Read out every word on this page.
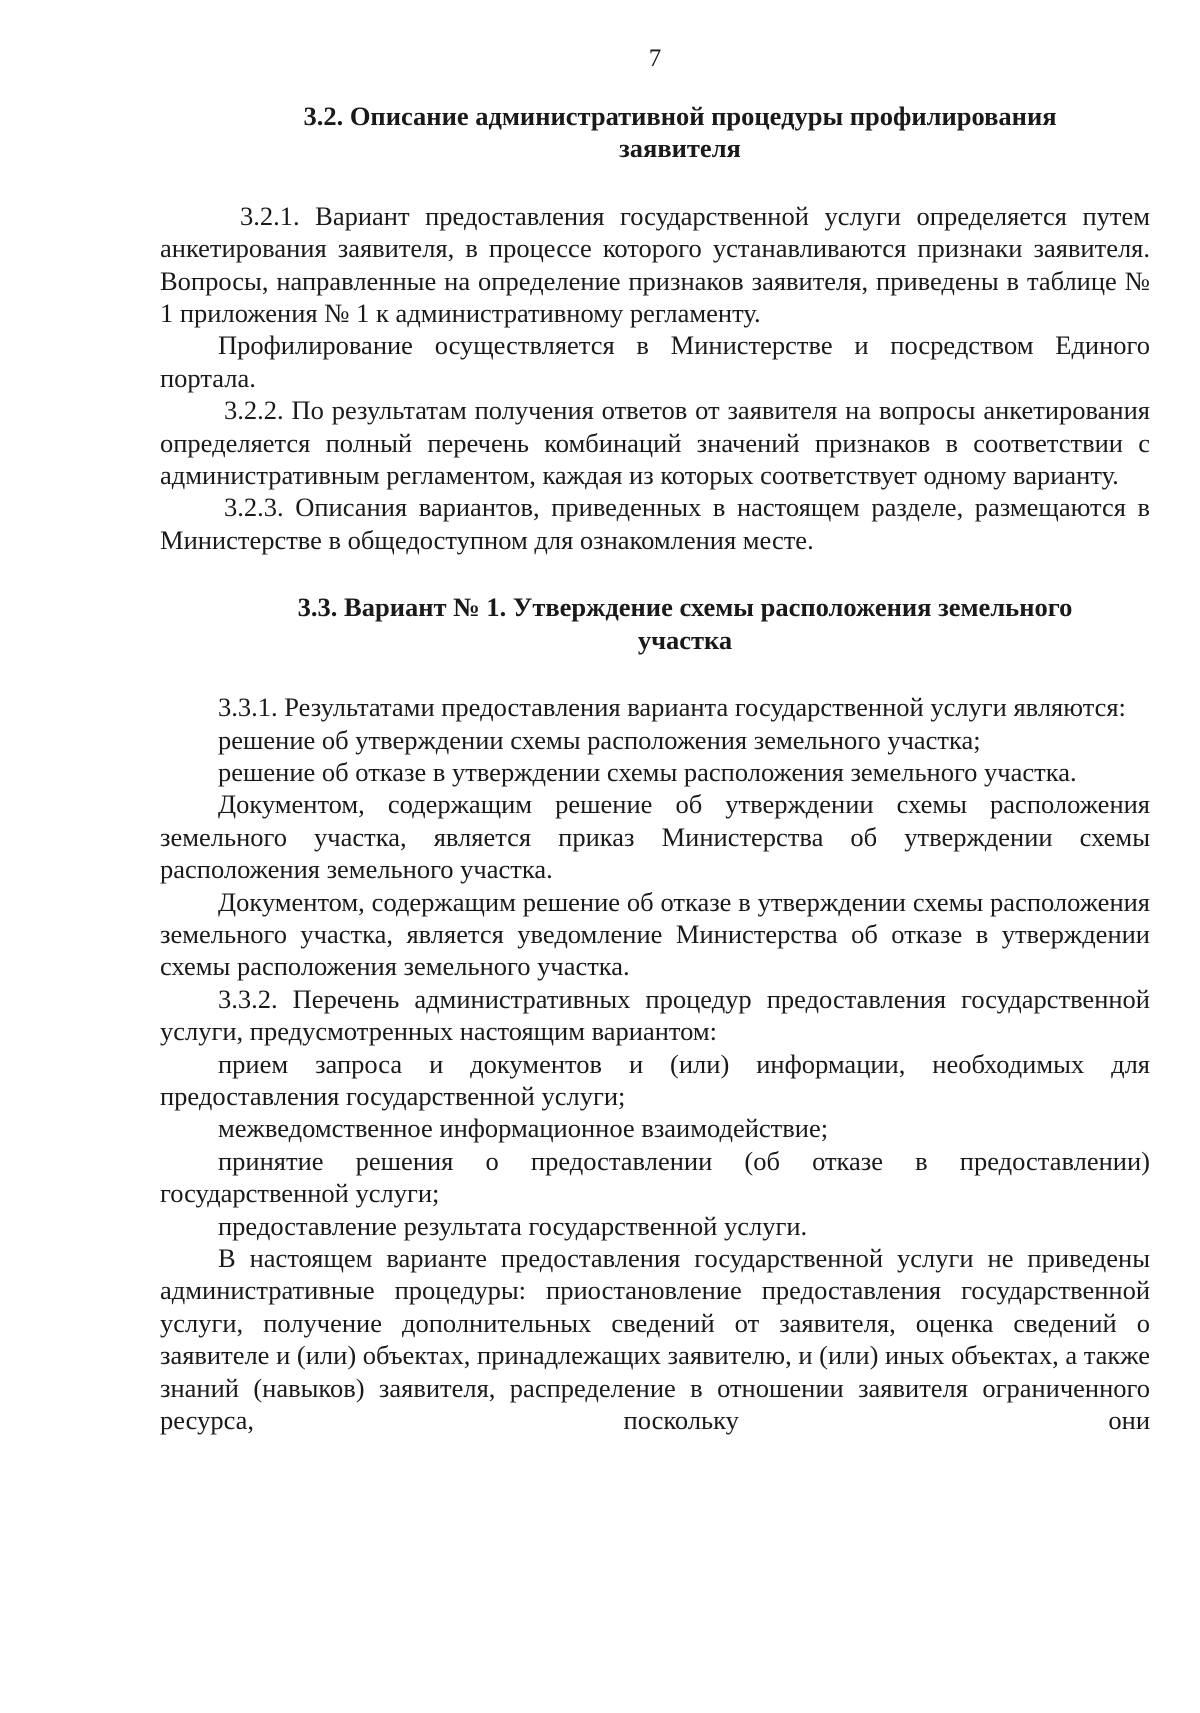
7
3.2. Описание административной процедуры профилирования
заявителя

3.2.1. Вариант предоставления государственной услуги определяется путем анкетирования заявителя, в процессе которого устанавливаются признаки заявителя. Вопросы, направленные на определение признаков заявителя, приведены в таблице № 1 приложения № 1 к административному регламенту.

Профилирование осуществляется в Министерстве и посредством Единого портала.

3.2.2. По результатам получения ответов от заявителя на вопросы анкетирования определяется полный перечень комбинаций значений признаков в соответствии с административным регламентом, каждая из которых соответствует одному варианту.

3.2.3. Описания вариантов, приведенных в настоящем разделе, размещаются в Министерстве в общедоступном для ознакомления месте.

3.3. Вариант № 1. Утверждение схемы расположения земельного
участка

3.3.1. Результатами предоставления варианта государственной услуги являются:

решение об утверждении схемы расположения земельного участка;

решение об отказе в утверждении схемы расположения земельного участка.

Документом, содержащим решение об утверждении схемы расположения земельного участка, является приказ Министерства об утверждении схемы расположения земельного участка.

Документом, содержащим решение об отказе в утверждении схемы расположения земельного участка, является уведомление Министерства об отказе в утверждении схемы расположения земельного участка.

3.3.2. Перечень административных процедур предоставления государственной услуги, предусмотренных настоящим вариантом:

прием запроса и документов и (или) информации, необходимых для предоставления государственной услуги;

межведомственное информационное взаимодействие;

принятие решения о предоставлении (об отказе в предоставлении) государственной услуги;

предоставление результата государственной услуги.

В настоящем варианте предоставления государственной услуги не приведены административные процедуры: приостановление предоставления государственной услуги, получение дополнительных сведений от заявителя, оценка сведений о заявителе и (или) объектах, принадлежащих заявителю, и (или) иных объектах, а также знаний (навыков) заявителя, распределение в отношении заявителя ограниченного ресурса, поскольку они
